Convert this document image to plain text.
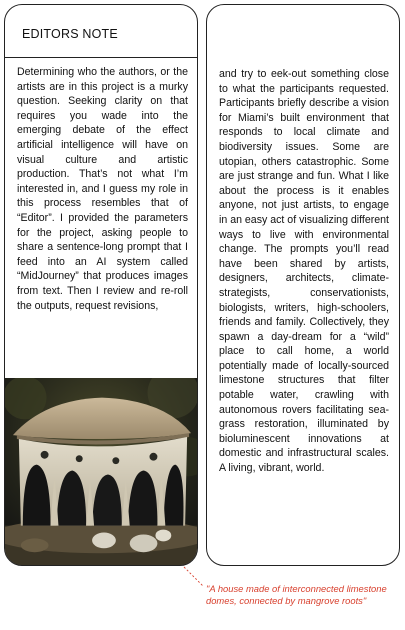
EDITORS NOTE
Determining who the authors, or the artists are in this project is a murky question. Seeking clarity on that requires you wade into the emerging debate of the effect artificial intelligence will have on visual culture and artistic production. That’s not what I’m interested in, and I guess my role in this process resembles that of “Editor”. I provided the parameters for the project, asking people to share a sentence-long prompt that I feed into an AI system called “MidJourney” that produces images from text. Then I review and re-roll the outputs, request revisions,
and try to eek-out something close to what the participants requested. Participants briefly describe a vision for Miami’s built environment that responds to local climate and biodiversity issues. Some are utopian, others catastrophic. Some are just strange and fun. What I like about the process is it enables anyone, not just artists, to engage in an easy act of visualizing different ways to live with environmental change. The prompts you’ll read have been shared by artists, designers, architects, climate-strategists, conservationists, biologists, writers, high-schoolers, friends and family. Collectively, they spawn a day-dream for a “wild” place to call home, a world potentially made of locally-sourced limestone structures that filter potable water, crawling with autonomous rovers facilitating sea-grass restoration, illuminated by bioluminescent innovations at domestic and infrastructural scales. A living, vibrant, world.
"A house made of interconnected limestone domes, connected by mangrove roots"
